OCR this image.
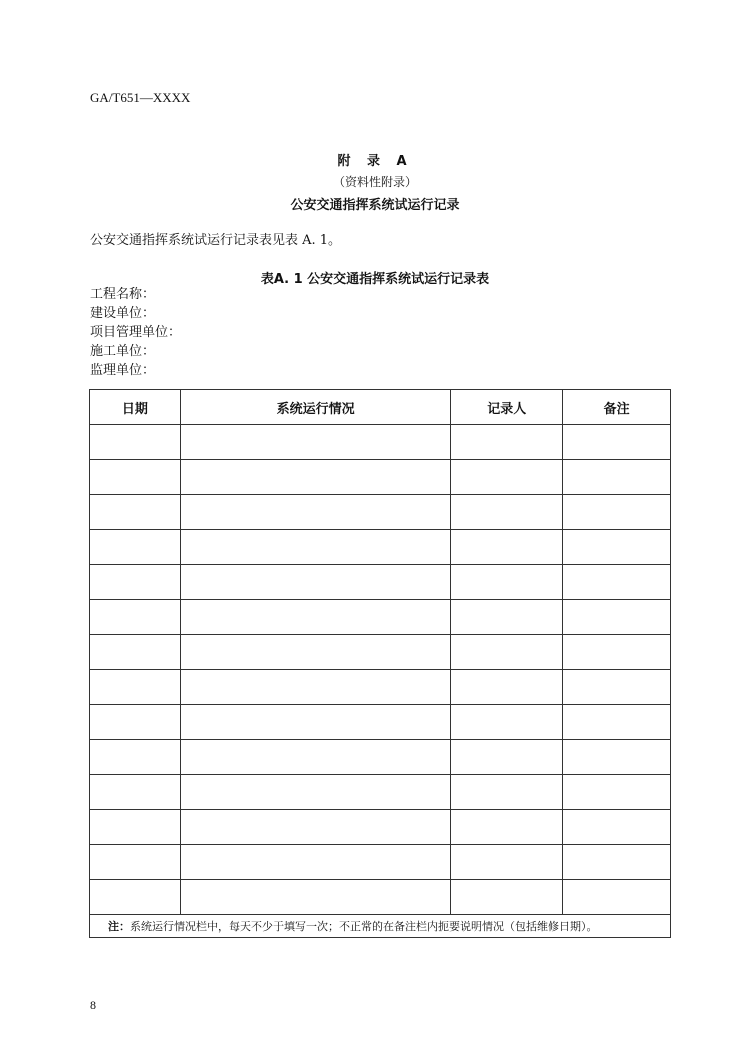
GA/T651—XXXX
附 录 A
（资料性附录）
公安交通指挥系统试运行记录
公安交通指挥系统试运行记录表见表 A. 1。
表A. 1 公安交通指挥系统试运行记录表
工程名称：
建设单位：
项目管理单位：
施工单位：
监理单位：
日期	系统运行情况	记录人	备注

注：系统运行情况栏中，每天不少于填写一次；不正常的在备注栏内扼要说明情况（包括维修日期）。			
8
